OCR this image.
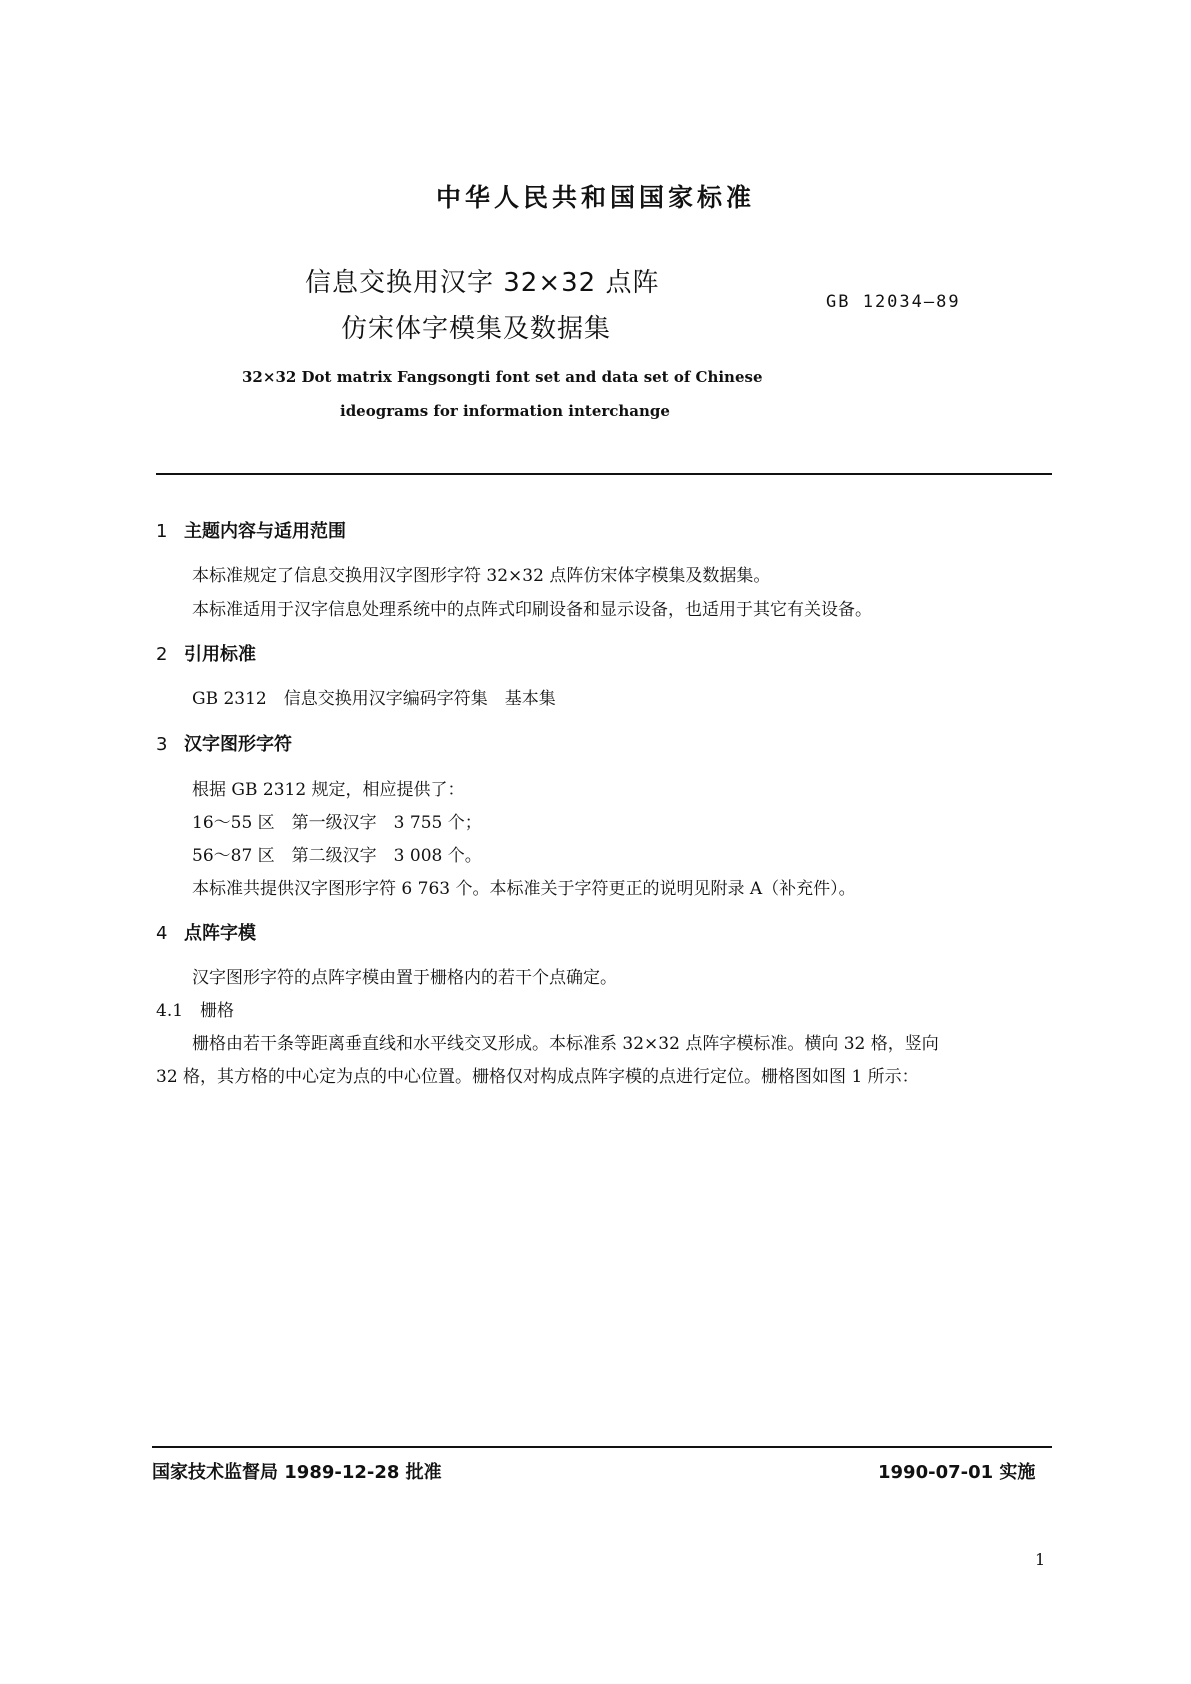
中华人民共和国国家标准
信息交换用汉字 32×32 点阵
仿宋体字模集及数据集
GB 12034—89
32×32 Dot matrix Fangsongti font set and data set of Chinese
ideograms for information interchange
1 主题内容与适用范围
本标准规定了信息交换用汉字图形字符 32×32 点阵仿宋体字模集及数据集。
本标准适用于汉字信息处理系统中的点阵式印刷设备和显示设备，也适用于其它有关设备。
2 引用标准
GB 2312　信息交换用汉字编码字符集　基本集
3 汉字图形字符
根据 GB 2312 规定，相应提供了：
16～55 区　第一级汉字　3 755 个；
56～87 区　第二级汉字　3 008 个。
本标准共提供汉字图形字符 6 763 个。本标准关于字符更正的说明见附录 A（补充件）。
4 点阵字模
汉字图形字符的点阵字模由置于栅格内的若干个点确定。
4.1 栅格
栅格由若干条等距离垂直线和水平线交叉形成。本标准系 32×32 点阵字模标准。横向 32 格，竖向
32 格，其方格的中心定为点的中心位置。栅格仅对构成点阵字模的点进行定位。栅格图如图 1 所示：
国家技术监督局 1989-12-28 批准	1990-07-01 实施
1
